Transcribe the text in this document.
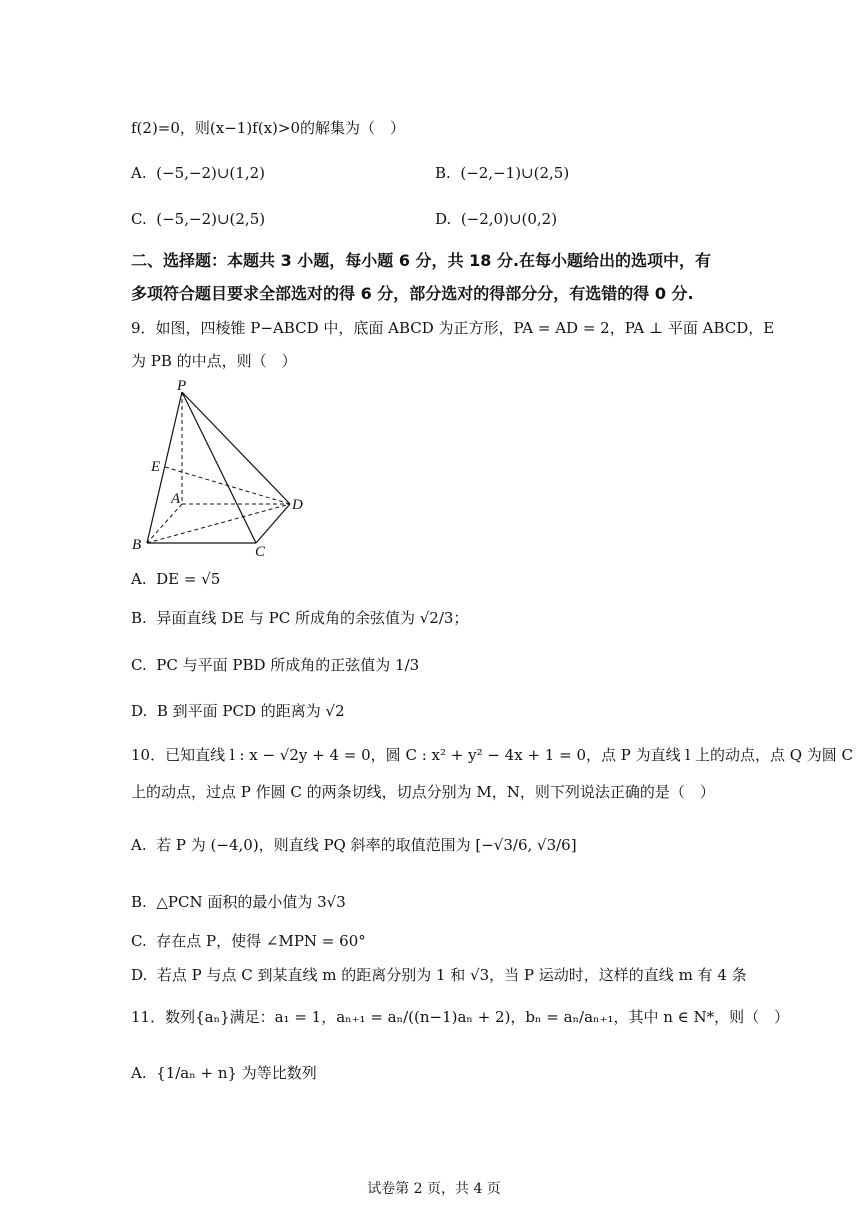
f(2)=0，则(x−1)f(x)>0的解集为（　）
A. (−5,−2)∪(1,2)	B. (−2,−1)∪(2,5)
C. (−5,−2)∪(2,5)	D. (−2,0)∪(0,2)
二、选择题：本题共 3 小题，每小题 6 分，共 18 分.在每小题给出的选项中，有
多项符合题目要求全部选对的得 6 分，部分选对的得部分分，有选错的得 0 分.
9．如图，四棱锥 P−ABCD 中，底面 ABCD 为正方形，PA = AD = 2，PA ⊥ 平面 ABCD，E
为 PB 的中点，则（　）
P
E
A	D
B	C
A. DE = √5
B. 异面直线 DE 与 PC 所成角的余弦值为 √2/3；
C. PC 与平面 PBD 所成角的正弦值为 1/3
D. B 到平面 PCD 的距离为 √2
10．已知直线 l : x − √2y + 4 = 0，圆 C : x² + y² − 4x + 1 = 0，点 P 为直线 l 上的动点，点 Q 为圆 C
上的动点，过点 P 作圆 C 的两条切线，切点分别为 M，N，则下列说法正确的是（　）
A. 若 P 为 (−4,0)，则直线 PQ 斜率的取值范围为 [−√3/6, √3/6]
B. △PCN 面积的最小值为 3√3
C. 存在点 P，使得 ∠MPN = 60°
D. 若点 P 与点 C 到某直线 m 的距离分别为 1 和 √3，当 P 运动时，这样的直线 m 有 4 条
11．数列{aₙ}满足：a₁ = 1，aₙ₊₁ = aₙ/((n−1)aₙ + 2)，bₙ = aₙ/aₙ₊₁，其中 n ∈ N*，则（　）
A. {1/aₙ + n} 为等比数列
试卷第 2 页，共 4 页
